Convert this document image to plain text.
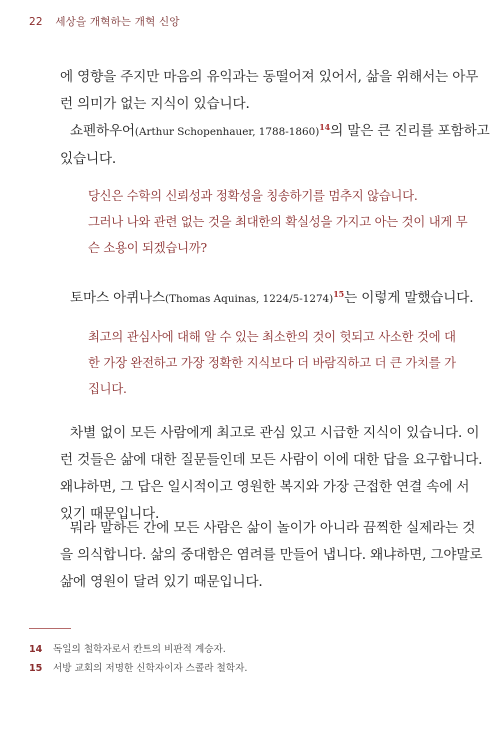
22 세상을 개혁하는 개혁 신앙

에 영향을 주지만 마음의 유익과는 동떨어져 있어서, 삶을 위해서는 아무
런 의미가 없는 지식이 있습니다.

쇼펜하우어(Arthur Schopenhauer, 1788-1860)$^{14}$의 말은 큰 진리를 포함하고
있습니다.

당신은 수학의 신뢰성과 정확성을 칭송하기를 멈추지 않습니다.
그러나 나와 관련 없는 것을 최대한의 확실성을 가지고 아는 것이 내게 무
슨 소용이 되겠습니까?

토마스 아퀴나스(Thomas Aquinas, 1224/5-1274)$^{15}$는 이렇게 말했습니다.

최고의 관심사에 대해 알 수 있는 최소한의 것이 헛되고 사소한 것에 대
한 가장 완전하고 가장 정확한 지식보다 더 바람직하고 더 큰 가치를 가
집니다.

차별 없이 모든 사람에게 최고로 관심 있고 시급한 지식이 있습니다. 이
런 것들은 삶에 대한 질문들인데 모든 사람이 이에 대한 답을 요구합니다.
왜냐하면, 그 답은 일시적이고 영원한 복지와 가장 근접한 연결 속에 서
있기 때문입니다.

뭐라 말하든 간에 모든 사람은 삶이 놀이가 아니라 끔찍한 실제라는 것
을 의식합니다. 삶의 중대함은 염려를 만들어 냅니다. 왜냐하면, 그야말로
삶에 영원이 달려 있기 때문입니다.

14 독일의 철학자로서 칸트의 비판적 계승자.
15 서방 교회의 저명한 신학자이자 스콜라 철학자.
